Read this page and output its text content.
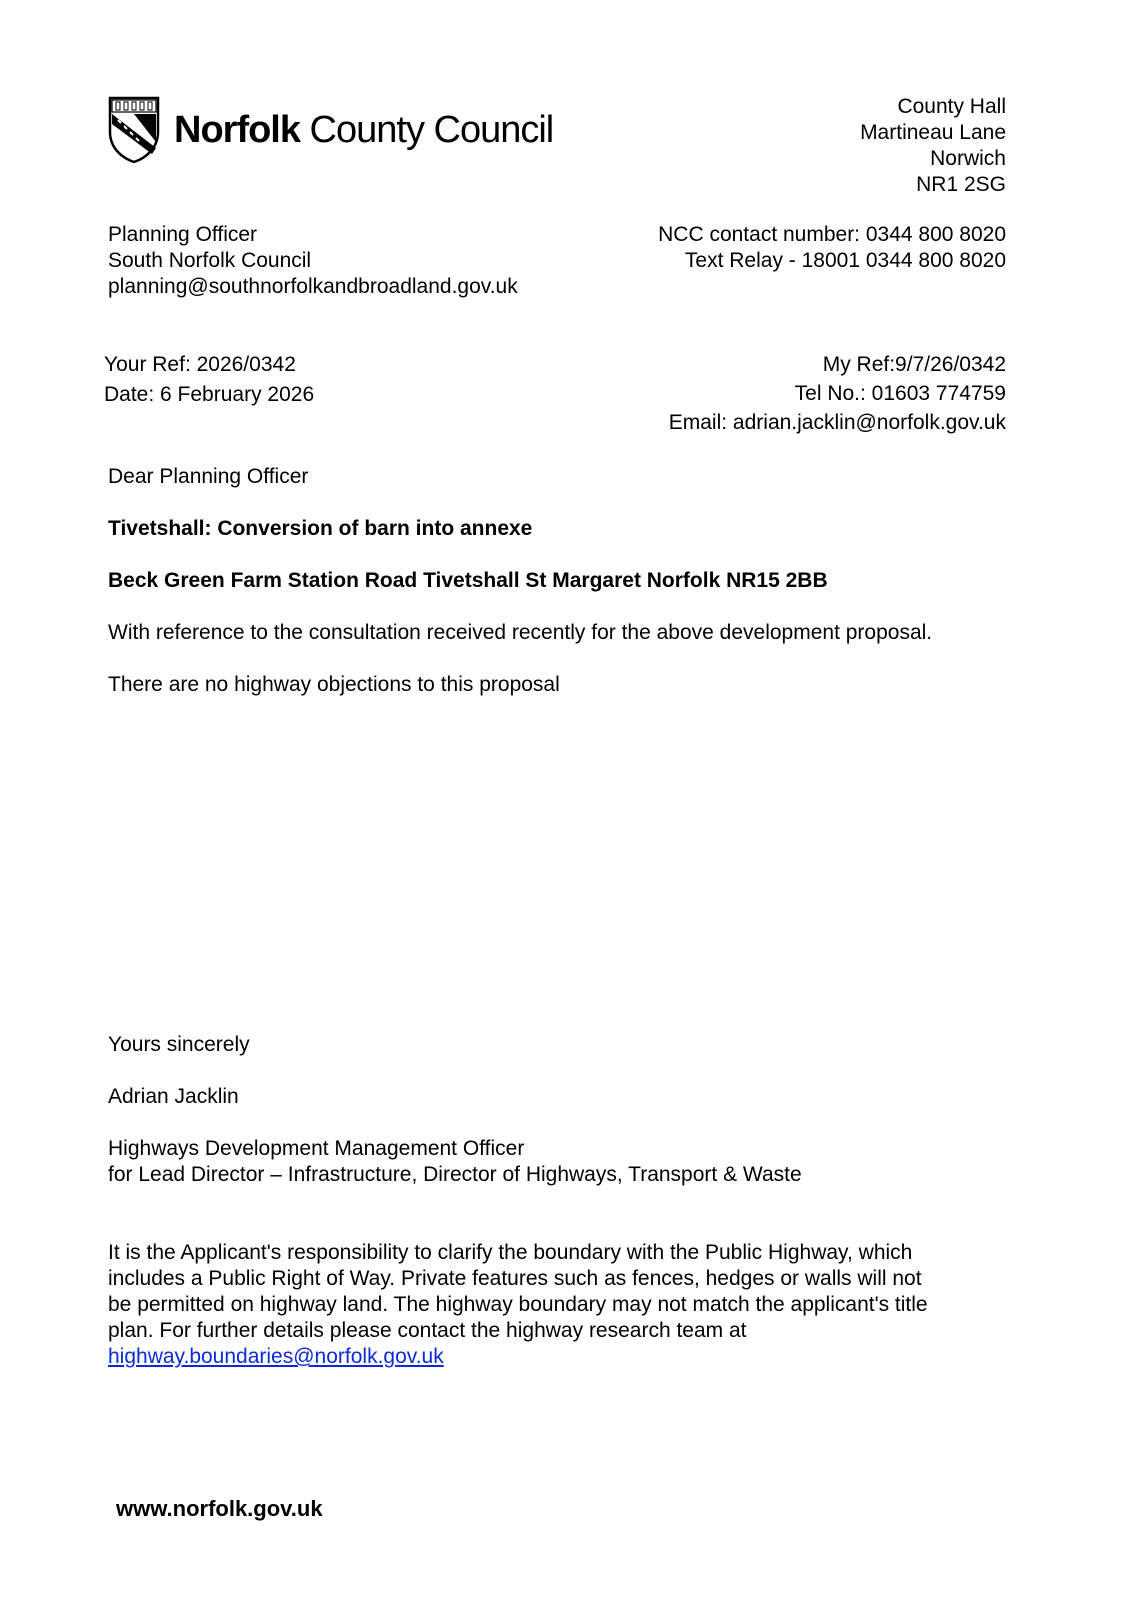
Norfolk County Council

County Hall

Martineau Lane

Norwich

NR1 2SG

Planning Officer

South Norfolk Council

planning@southnorfolkandbroadland.gov.uk

NCC contact number: 0344 800 8020

Text Relay - 18001 0344 800 8020

Your Ref: 2026/0342

Date: 6 February 2026

My Ref:9/7/26/0342

Tel No.: 01603 774759

Email: adrian.jacklin@norfolk.gov.uk

Dear Planning Officer

Tivetshall: Conversion of barn into annexe

Beck Green Farm Station Road Tivetshall St Margaret Norfolk NR15 2BB

With reference to the consultation received recently for the above development proposal.

There are no highway objections to this proposal

Yours sincerely

Adrian Jacklin

Highways Development Management Officer

for Lead Director – Infrastructure, Director of Highways, Transport & Waste

It is the Applicant's responsibility to clarify the boundary with the Public Highway, which

includes a Public Right of Way. Private features such as fences, hedges or walls will not

be permitted on highway land. The highway boundary may not match the applicant's title

plan. For further details please contact the highway research team at

highway.boundaries@norfolk.gov.uk

www.norfolk.gov.uk
